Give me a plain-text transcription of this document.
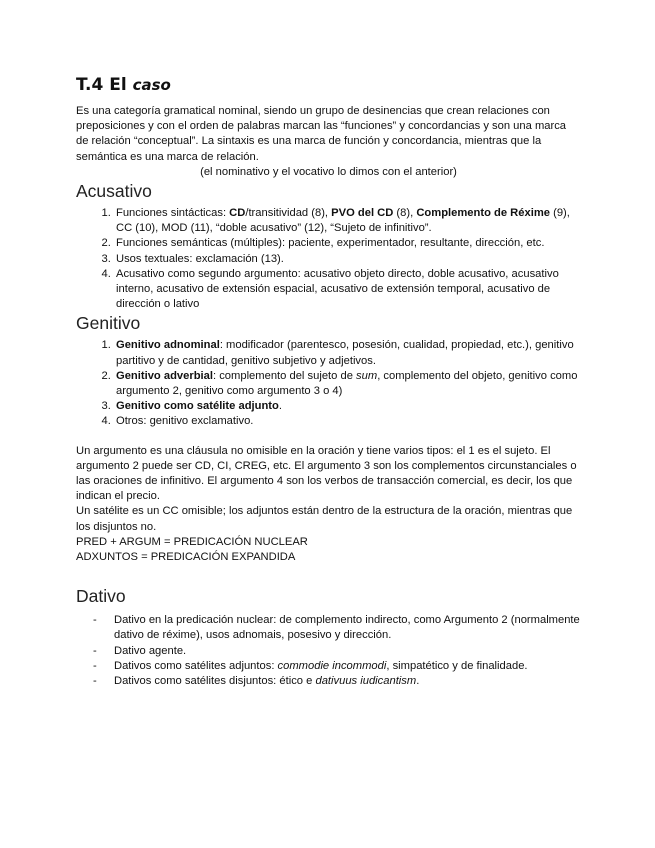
T.4 El caso

Es una categoría gramatical nominal, siendo un grupo de desinencias que crean relaciones con preposiciones y con el orden de palabras marcan las “funciones” y concordancias y son una marca de relación “conceptual”. La sintaxis es una marca de función y concordancia, mientras que la semántica es una marca de relación.

(el nominativo y el vocativo lo dimos con el anterior)

Acusativo
1. Funciones sintácticas: CD/transitividad (8), PVO del CD (8), Complemento de Réxime (9), CC (10), MOD (11), “doble acusativo” (12), “Sujeto de infinitivo”.
2. Funciones semánticas (múltiples): paciente, experimentador, resultante, dirección, etc.
3. Usos textuales: exclamación (13).
4. Acusativo como segundo argumento: acusativo objeto directo, doble acusativo, acusativo interno, acusativo de extensión espacial, acusativo de extensión temporal, acusativo de dirección o lativo
Genitivo
1. Genitivo adnominal: modificador (parentesco, posesión, cualidad, propiedad, etc.), genitivo partitivo y de cantidad, genitivo subjetivo y adjetivos.
2. Genitivo adverbial: complemento del sujeto de sum, complemento del objeto, genitivo como argumento 2, genitivo como argumento 3 o 4)
3. Genitivo como satélite adjunto.
4. Otros: genitivo exclamativo.

Un argumento es una cláusula no omisible en la oración y tiene varios tipos: el 1 es el sujeto. El argumento 2 puede ser CD, CI, CREG, etc. El argumento 3 son los complementos circunstanciales o las oraciones de infinitivo. El argumento 4 son los verbos de transacción comercial, es decir, los que indican el precio.

Un satélite es un CC omisible; los adjuntos están dentro de la estructura de la oración, mientras que los disjuntos no.

PRED + ARGUM = PREDICACIÓN NUCLEAR

ADXUNTOS = PREDICACIÓN EXPANDIDA

Dativo
- Dativo en la predicación nuclear: de complemento indirecto, como Argumento 2 (normalmente dativo de réxime), usos adnomais, posesivo y dirección.
- Dativo agente.
- Dativos como satélites adjuntos: commodie incommodi, simpatético y de finalidade.
- Dativos como satélites disjuntos: ético e dativuus iudicantism.
